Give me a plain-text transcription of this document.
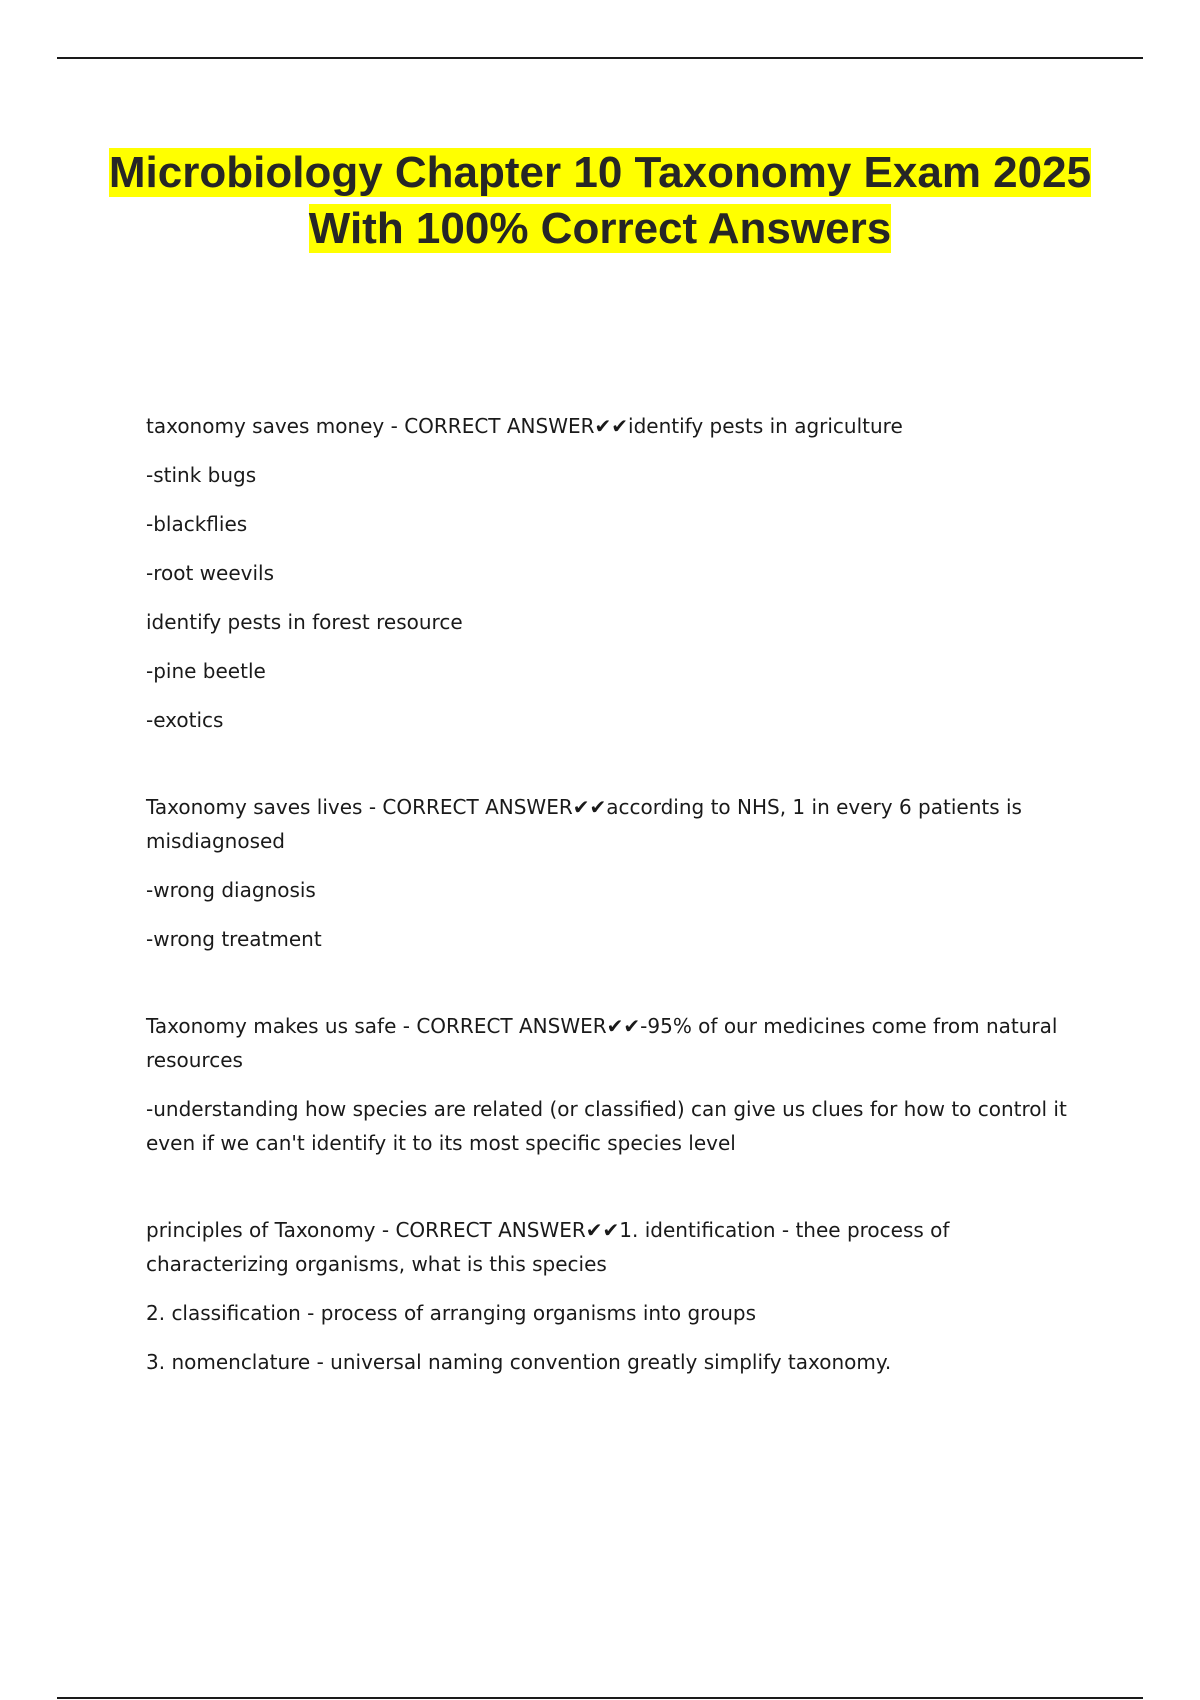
Microbiology Chapter 10 Taxonomy Exam 2025 With 100% Correct Answers

taxonomy saves money - CORRECT ANSWER✔✔identify pests in agriculture

-stink bugs

-blackflies

-root weevils

identify pests in forest resource

-pine beetle

-exotics

Taxonomy saves lives - CORRECT ANSWER✔✔according to NHS, 1 in every 6 patients is misdiagnosed

-wrong diagnosis

-wrong treatment

Taxonomy makes us safe - CORRECT ANSWER✔✔-95% of our medicines come from natural resources

-understanding how species are related (or classified) can give us clues for how to control it even if we can't identify it to its most specific species level

principles of Taxonomy - CORRECT ANSWER✔✔1. identification - thee process of characterizing organisms, what is this species

2. classification - process of arranging organisms into groups

3. nomenclature - universal naming convention greatly simplify taxonomy.
